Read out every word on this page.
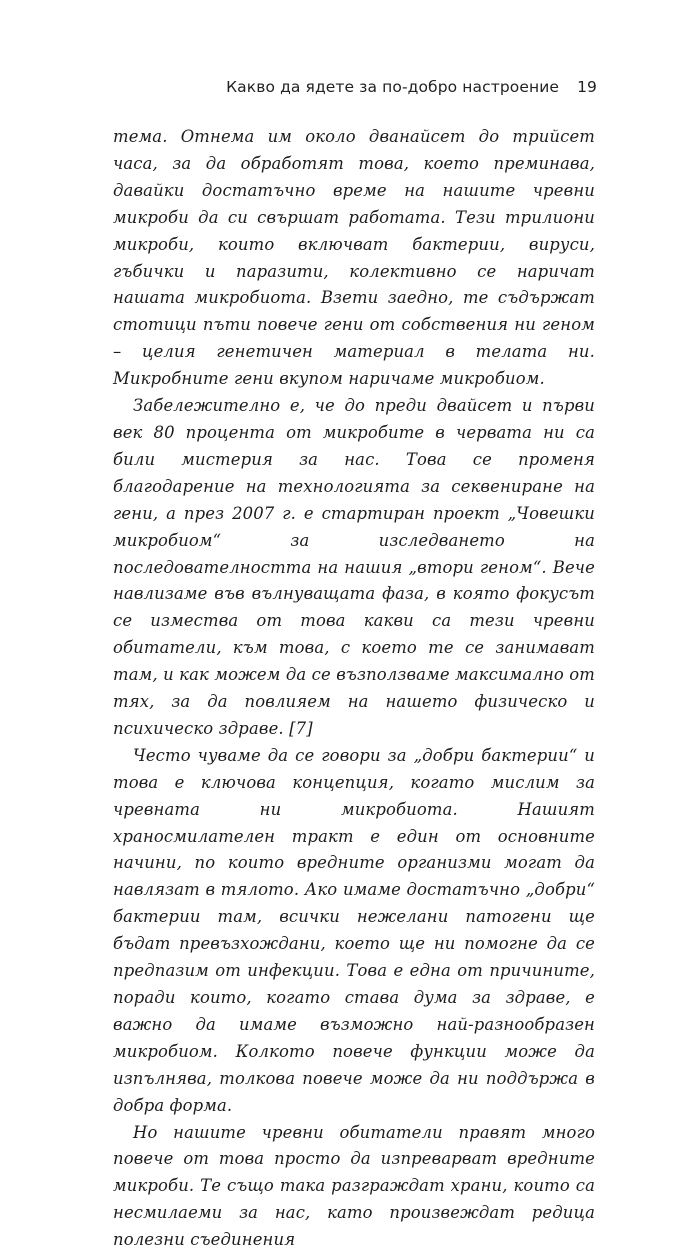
Какво да ядете за по-добро настроение 19

тема. Отнема им около дванайсет до трийсет часа, за да обработят това, което преминава, давайки достатъчно време на нашите чревни микроби да си свършат работата. Тези трилиони микроби, които включват бактерии, вируси, гъбички и паразити, колективно се наричат нашата микробиота. Взети заедно, те съдържат стотици пъти повече гени от собствения ни геном – целия генетичен материал в телата ни. Микробните гени вкупом наричаме микробиом.

Забележително е, че до преди двайсет и първи век 80 процента от микробите в червата ни са били мистерия за нас. Това се променя благодарение на технологията за секвениране на гени, а през 2007 г. е стартиран проект „Човешки микробиом“ за изследването на последователността на нашия „втори геном“. Вече навлизаме във вълнуващата фаза, в която фокусът се измества от това какви са тези чревни обитатели, към това, с което те се занимават там, и как можем да се възползваме максимално от тях, за да повлияем на нашето физическо и психическо здраве. [7]

Често чуваме да се говори за „добри бактерии“ и това е ключова концепция, когато мислим за чревната ни микробиота. Нашият храносмилателен тракт е един от основните начини, по които вредните организми могат да навлязат в тялото. Ако имаме достатъчно „добри“ бактерии там, всички нежелани патогени ще бъдат превъзхождани, което ще ни помогне да се предпазим от инфекции. Това е една от причините, поради които, когато става дума за здраве, е важно да имаме възможно най-разнообразен микробиом. Колкото повече функции може да изпълнява, толкова повече може да ни поддържа в добра форма.

Но нашите чревни обитатели правят много повече от това просто да изпреварват вредните микроби. Те също така разграждат храни, които са несмилаеми за нас, като произвеждат редица полезни съединения
